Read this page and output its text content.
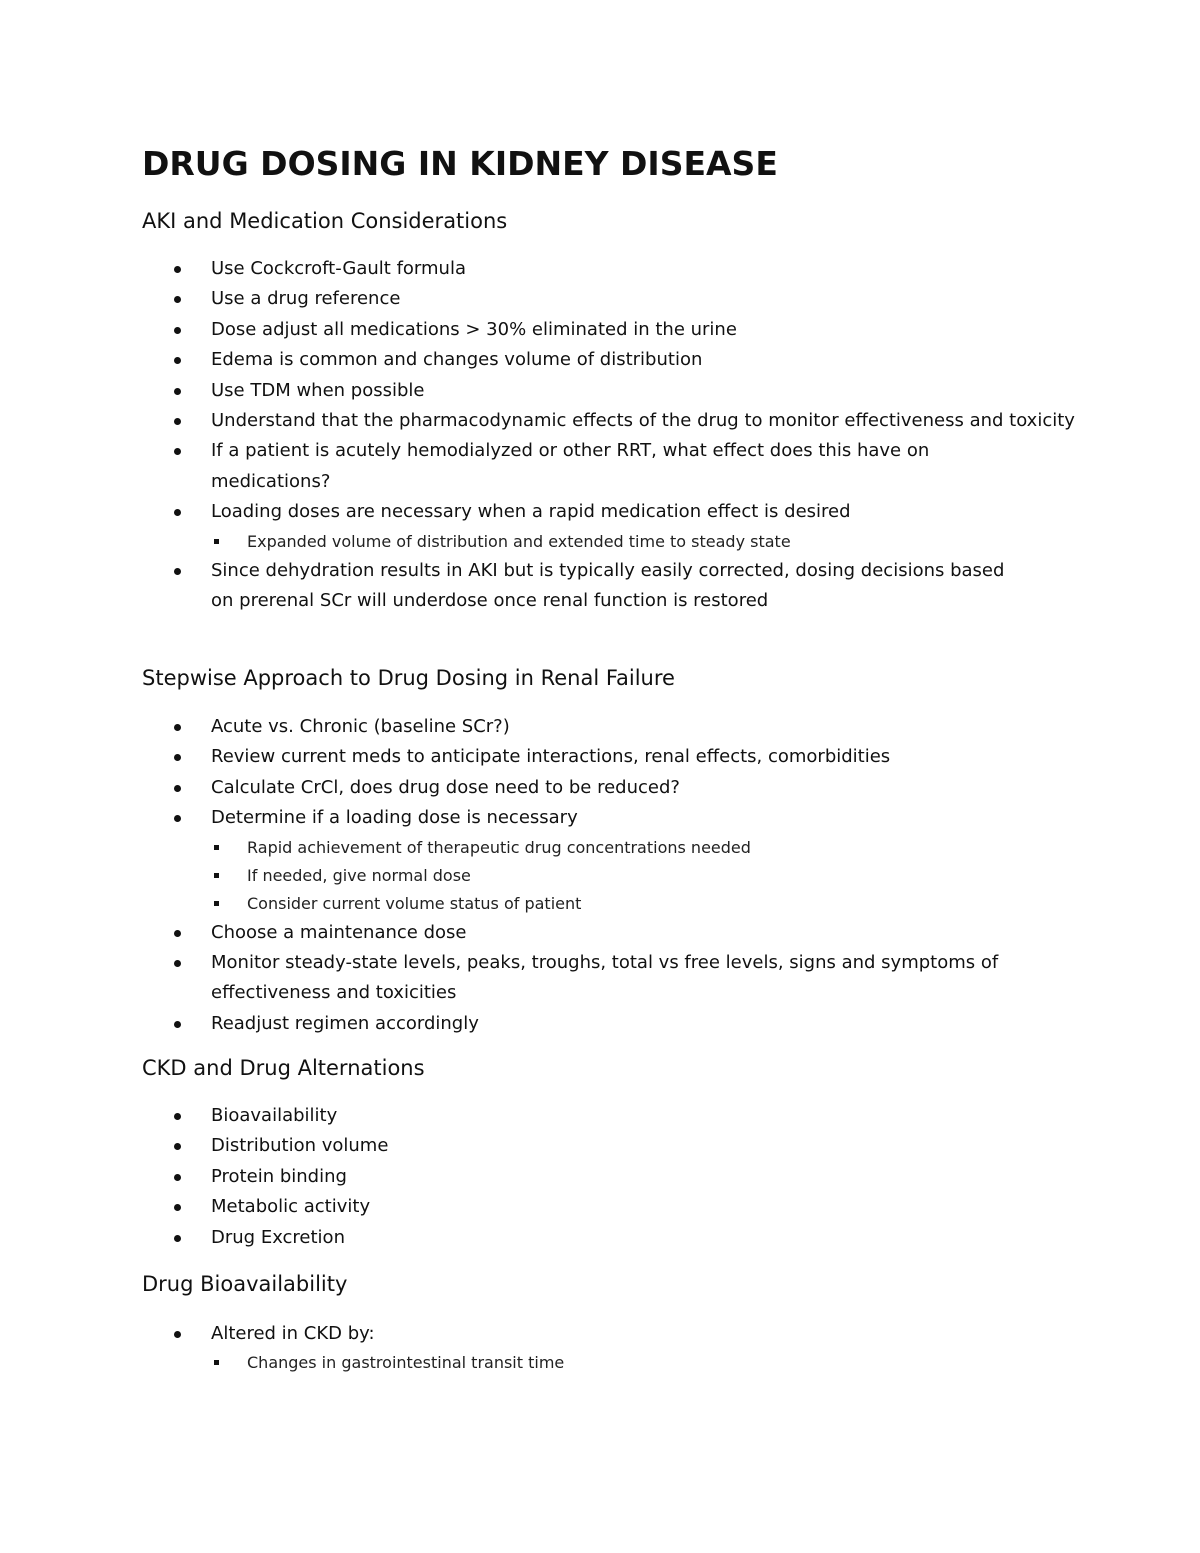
DRUG DOSING IN KIDNEY DISEASE
AKI and Medication Considerations
Use Cockcroft-Gault formula
Use a drug reference
Dose adjust all medications > 30% eliminated in the urine
Edema is common and changes volume of distribution
Use TDM when possible
Understand that the pharmacodynamic effects of the drug to monitor effectiveness and toxicity
If a patient is acutely hemodialyzed or other RRT, what effect does this have on medications?
Loading doses are necessary when a rapid medication effect is desired
Expanded volume of distribution and extended time to steady state
Since dehydration results in AKI but is typically easily corrected, dosing decisions based on prerenal SCr will underdose once renal function is restored
Stepwise Approach to Drug Dosing in Renal Failure
Acute vs. Chronic (baseline SCr?)
Review current meds to anticipate interactions, renal effects, comorbidities
Calculate CrCl, does drug dose need to be reduced?
Determine if a loading dose is necessary
Rapid achievement of therapeutic drug concentrations needed
If needed, give normal dose
Consider current volume status of patient
Choose a maintenance dose
Monitor steady-state levels, peaks, troughs, total vs free levels, signs and symptoms of effectiveness and toxicities
Readjust regimen accordingly
CKD and Drug Alternations
Bioavailability
Distribution volume
Protein binding
Metabolic activity
Drug Excretion
Drug Bioavailability
Altered in CKD by:
Changes in gastrointestinal transit time
